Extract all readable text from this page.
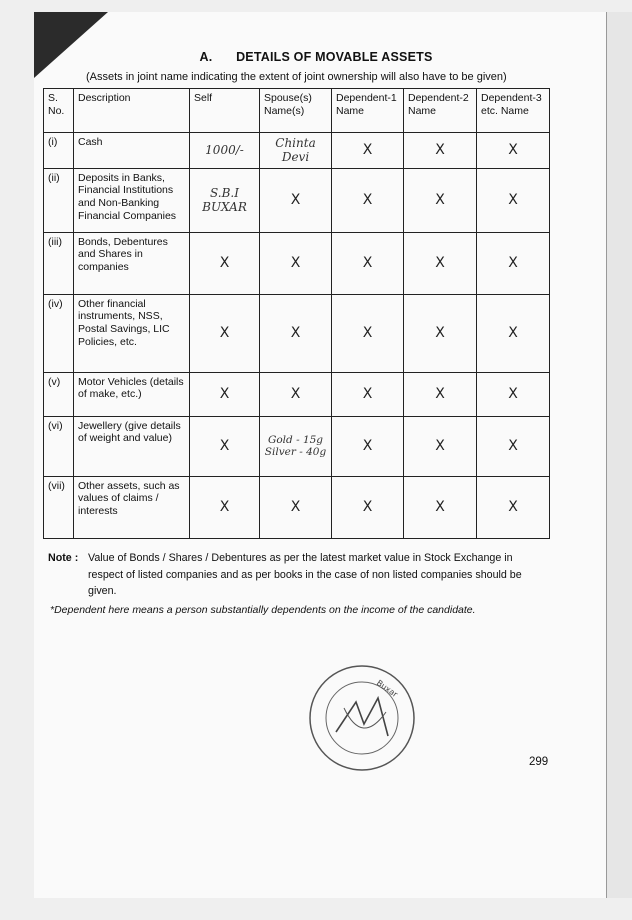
A. DETAILS OF MOVABLE ASSETS
(Assets in joint name indicating the extent of joint ownership will also have to be given)
S. No.	Description	Self	Spouse(s) Name(s)	Dependent-1 Name	Dependent-2 Name	Dependent-3 etc. Name
(i)	Cash	1000/-	Chinta Devi	X	X	X
(ii)	Deposits in Banks, Financial Institutions and Non-Banking Financial Companies	S.B.I BUXAR	X	X	X	X
(iii)	Bonds, Debentures and Shares in companies	X	X	X	X	X
(iv)	Other financial instruments, NSS, Postal Savings, LIC Policies, etc.	X	X	X	X	X
(v)	Motor Vehicles (details of make, etc.)	X	X	X	X	X
(vi)	Jewellery (give details of weight and value)	X	Gold - 15g Silver - 40g	X	X	X
(vii)	Other assets, such as values of claims / interests	X	X	X	X	X
Note : Value of Bonds / Shares / Debentures as per the latest market value in Stock Exchange in respect of listed companies and as per books in the case of non listed companies should be given.
*Dependent here means a person substantially dependents on the income of the candidate.
Buxar
299
